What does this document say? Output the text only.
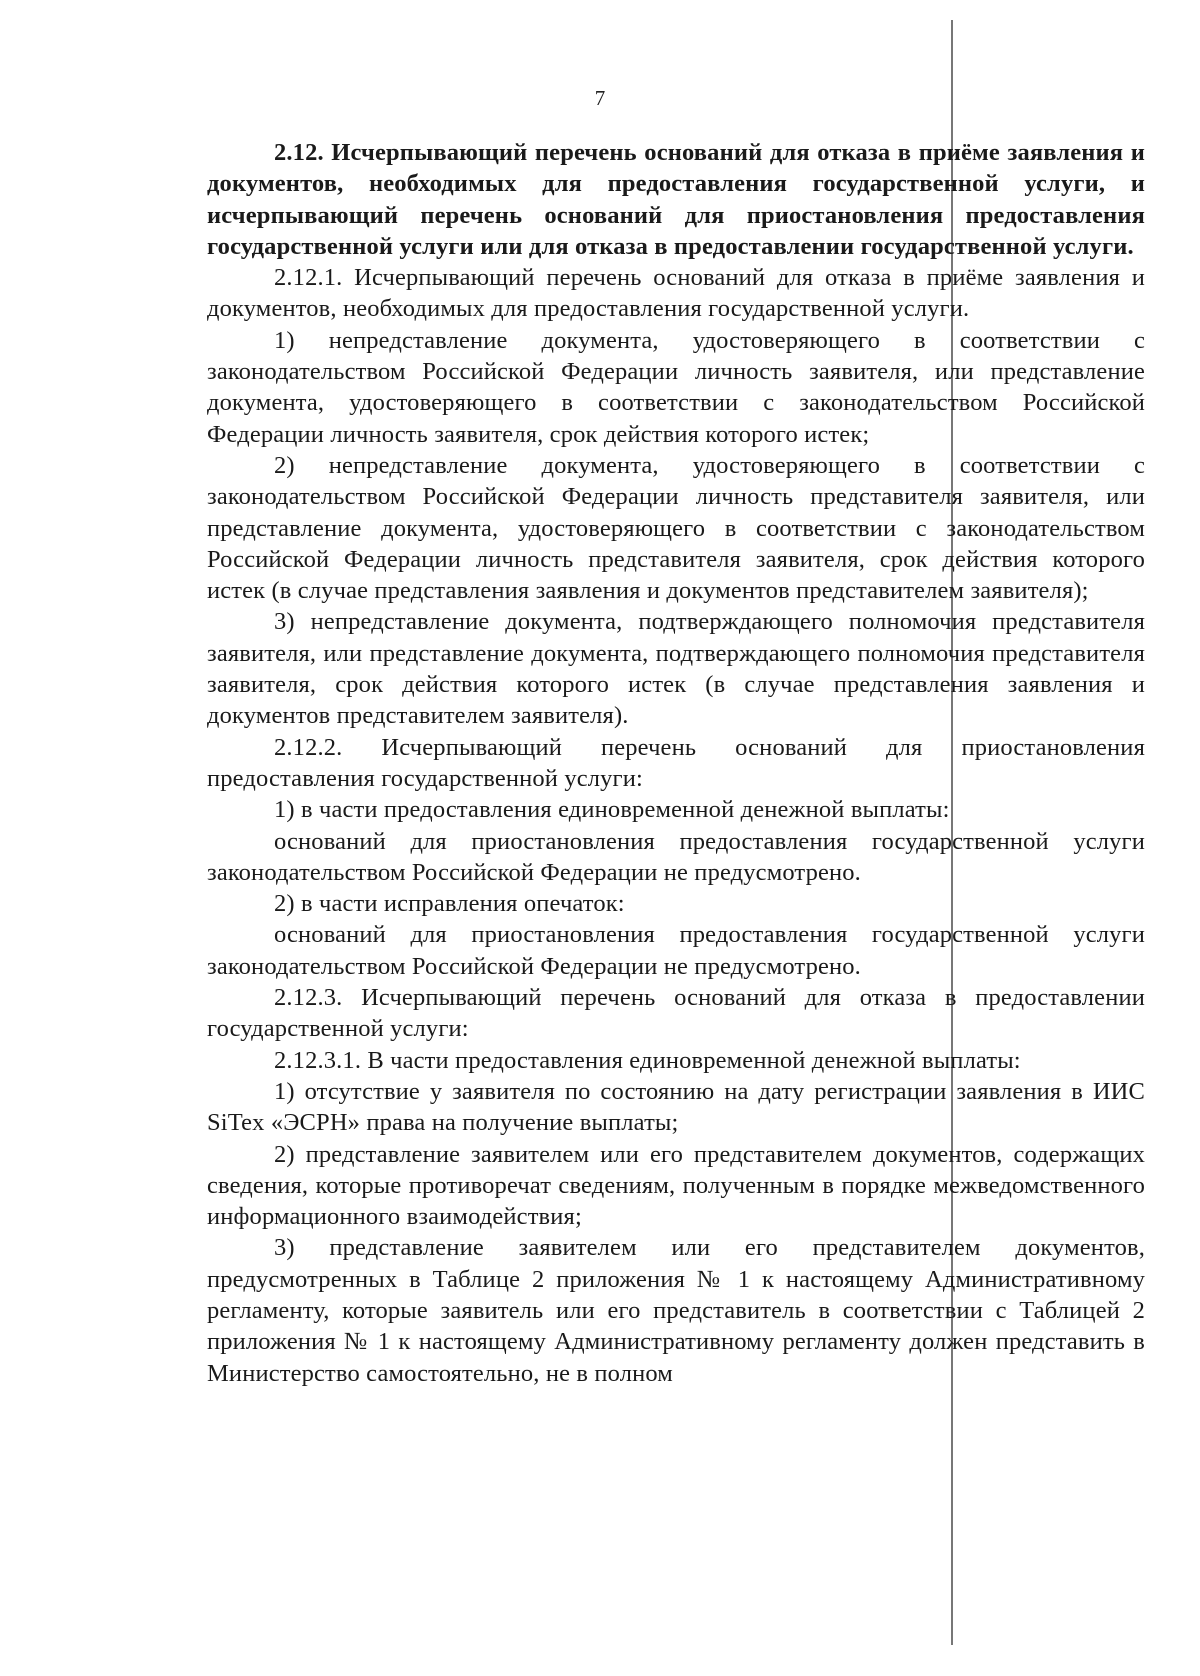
7

2.12. Исчерпывающий перечень оснований для отказа в приёме заявления и документов, необходимых для предоставления государственной услуги, и исчерпывающий перечень оснований для приостановления предоставления государственной услуги или для отказа в предоставлении государственной услуги.

2.12.1. Исчерпывающий перечень оснований для отказа в приёме заявления и документов, необходимых для предоставления государственной услуги.

1) непредставление документа, удостоверяющего в соответствии с законодательством Российской Федерации личность заявителя, или представление документа, удостоверяющего в соответствии с законодательством Российской Федерации личность заявителя, срок действия которого истек;

2) непредставление документа, удостоверяющего в соответствии с законодательством Российской Федерации личность представителя заявителя, или представление документа, удостоверяющего в соответствии с законодательством Российской Федерации личность представителя заявителя, срок действия которого истек (в случае представления заявления и документов представителем заявителя);

3) непредставление документа, подтверждающего полномочия представителя заявителя, или представление документа, подтверждающего полномочия представителя заявителя, срок действия которого истек (в случае представления заявления и документов представителем заявителя).

2.12.2. Исчерпывающий перечень оснований для приостановления предоставления государственной услуги:

1) в части предоставления единовременной денежной выплаты:

оснований для приостановления предоставления государственной услуги законодательством Российской Федерации не предусмотрено.

2) в части исправления опечаток:

оснований для приостановления предоставления государственной услуги законодательством Российской Федерации не предусмотрено.

2.12.3. Исчерпывающий перечень оснований для отказа в предоставлении государственной услуги:

2.12.3.1. В части предоставления единовременной денежной выплаты:

1) отсутствие у заявителя по состоянию на дату регистрации заявления в ИИС SiTex «ЭСРН» права на получение выплаты;

2) представление заявителем или его представителем документов, содержащих сведения, которые противоречат сведениям, полученным в порядке межведомственного информационного взаимодействия;

3) представление заявителем или его представителем документов, предусмотренных в Таблице 2 приложения № 1 к настоящему Административному регламенту, которые заявитель или его представитель в соответствии с Таблицей 2 приложения № 1 к настоящему Административному регламенту должен представить в Министерство самостоятельно, не в полном
